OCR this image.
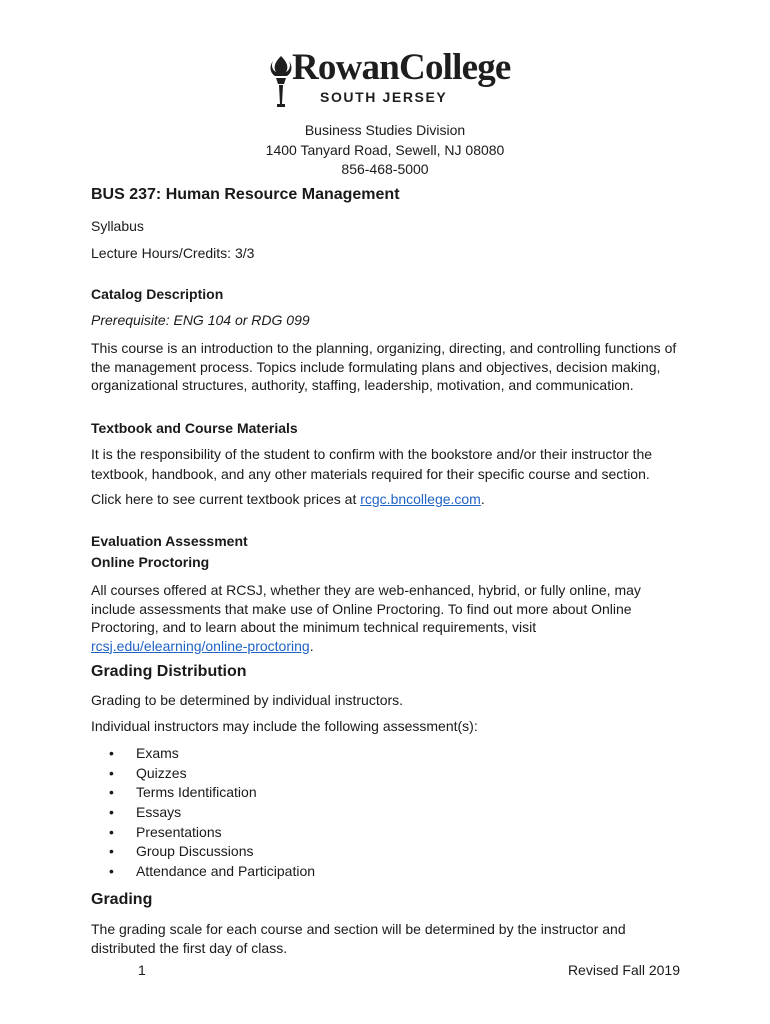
RowanCollege
SOUTH JERSEY
Business Studies Division
1400 Tanyard Road, Sewell, NJ 08080
856-468-5000
BUS 237: Human Resource Management
Syllabus
Lecture Hours/Credits: 3/3
Catalog Description
Prerequisite: ENG 104 or RDG 099
This course is an introduction to the planning, organizing, directing, and controlling functions of the management process. Topics include formulating plans and objectives, decision making, organizational structures, authority, staffing, leadership, motivation, and communication.
Textbook and Course Materials
It is the responsibility of the student to confirm with the bookstore and/or their instructor the textbook, handbook, and any other materials required for their specific course and section.
Click here to see current textbook prices at rcgc.bncollege.com.
Evaluation Assessment
Online Proctoring
All courses offered at RCSJ, whether they are web-enhanced, hybrid, or fully online, may include assessments that make use of Online Proctoring. To find out more about Online Proctoring, and to learn about the minimum technical requirements, visit rcsj.edu/elearning/online-proctoring.
Grading Distribution
Grading to be determined by individual instructors.
Individual instructors may include the following assessment(s):
• Exams
• Quizzes
• Terms Identification
• Essays
• Presentations
• Group Discussions
• Attendance and Participation
Grading
The grading scale for each course and section will be determined by the instructor and distributed the first day of class.
1	Revised Fall 2019
